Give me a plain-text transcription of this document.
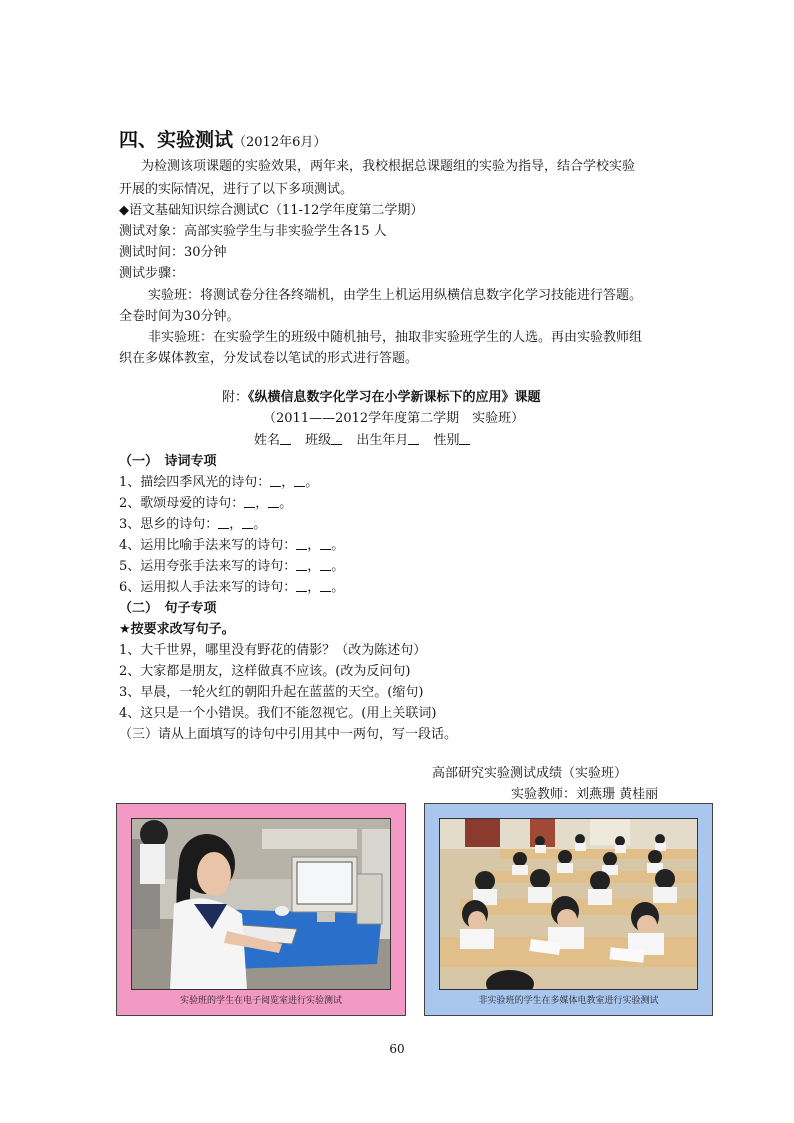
四、实验测试（2012年6月）
为检测该项课题的实验效果，两年来，我校根据总课题组的实验为指导，结合学校实验
开展的实际情况，进行了以下多项测试。
◆语文基础知识综合测试C（11-12学年度第二学期）
测试对象：高部实验学生与非实验学生各15 人
测试时间：30分钟
测试步骤：
实验班：将测试卷分往各终端机，由学生上机运用纵横信息数字化学习技能进行答题。
全卷时间为30分钟。
非实验班：在实验学生的班级中随机抽号，抽取非实验班学生的人选。再由实验教师组
织在多媒体教室，分发试卷以笔试的形式进行答题。
附：《纵横信息数字化学习在小学新课标下的应用》课题
（2011——2012学年度第二学期　实验班）
姓名 班级 出生年月 性别
（一）　诗词专项
1、描绘四季风光的诗句： ， 。
2、歌颂母爱的诗句： ， 。
3、思乡的诗句： ， 。
4、运用比喻手法来写的诗句： ， 。
5、运用夸张手法来写的诗句： ， 。
6、运用拟人手法来写的诗句： ， 。
（二）　句子专项
★按要求改写句子。
1、大千世界，哪里没有野花的倩影？（改为陈述句）
2、大家都是朋友，这样做真不应该。(改为反问句)
3、早晨，一轮火红的朝阳升起在蓝蓝的天空。(缩句)
4、这只是一个小错误。我们不能忽视它。(用上关联词)
（三）请从上面填写的诗句中引用其中一两句，写一段话。
高部研究实验测试成绩（实验班）
实验教师：刘燕珊 黄桂丽
实验班的学生在电子阅览室进行实验测试	非实验班的学生在多媒体电教室进行实验测试
60
